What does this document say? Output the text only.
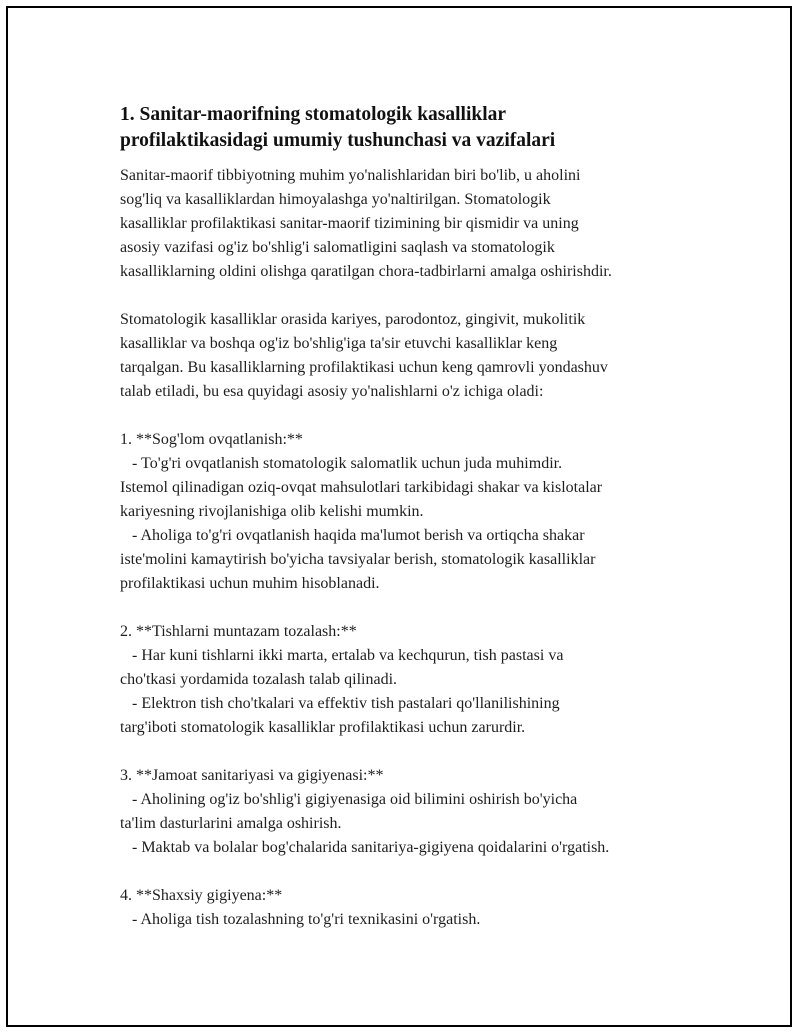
1. Sanitar-maorifning stomatologik kasalliklar
profilaktikasidagi umumiy tushunchasi va vazifalari

Sanitar-maorif tibbiyotning muhim yo'nalishlaridan biri bo'lib, u aholini
sog'liq va kasalliklardan himoyalashga yo'naltirilgan. Stomatologik
kasalliklar profilaktikasi sanitar-maorif tizimining bir qismidir va uning
asosiy vazifasi og'iz bo'shlig'i salomatligini saqlash va stomatologik
kasalliklarning oldini olishga qaratilgan chora-tadbirlarni amalga oshirishdir.

Stomatologik kasalliklar orasida kariyes, parodontoz, gingivit, mukolitik
kasalliklar va boshqa og'iz bo'shlig'iga ta'sir etuvchi kasalliklar keng
tarqalgan. Bu kasalliklarning profilaktikasi uchun keng qamrovli yondashuv
talab etiladi, bu esa quyidagi asosiy yo'nalishlarni o'z ichiga oladi:

1. **Sog'lom ovqatlanish:**
- To'g'ri ovqatlanish stomatologik salomatlik uchun juda muhimdir.
Istemol qilinadigan oziq-ovqat mahsulotlari tarkibidagi shakar va kislotalar
kariyesning rivojlanishiga olib kelishi mumkin.
- Aholiga to'g'ri ovqatlanish haqida ma'lumot berish va ortiqcha shakar
iste'molini kamaytirish bo'yicha tavsiyalar berish, stomatologik kasalliklar
profilaktikasi uchun muhim hisoblanadi.

2. **Tishlarni muntazam tozalash:**
- Har kuni tishlarni ikki marta, ertalab va kechqurun, tish pastasi va
cho'tkasi yordamida tozalash talab qilinadi.
- Elektron tish cho'tkalari va effektiv tish pastalari qo'llanilishining
targ'iboti stomatologik kasalliklar profilaktikasi uchun zarurdir.

3. **Jamoat sanitariyasi va gigiyenasi:**
- Aholining og'iz bo'shlig'i gigiyenasiga oid bilimini oshirish bo'yicha
ta'lim dasturlarini amalga oshirish.
- Maktab va bolalar bog'chalarida sanitariya-gigiyena qoidalarini o'rgatish.

4. **Shaxsiy gigiyena:**
- Aholiga tish tozalashning to'g'ri texnikasini o'rgatish.
